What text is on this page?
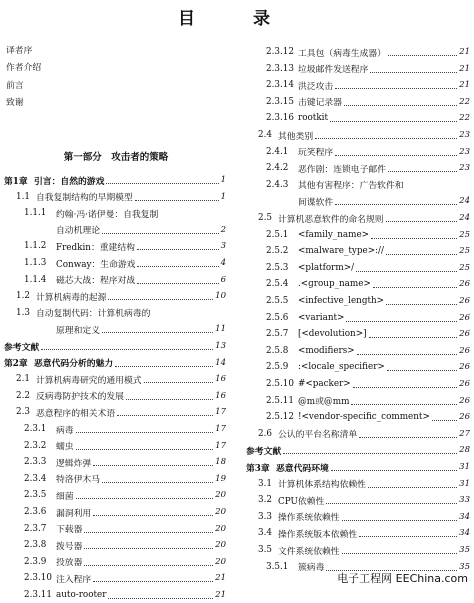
目 录
译者序
作者介绍
前言
致谢
第一部分　攻击者的策略
第1章 引言：自然的游戏	1
1.1 自我复制结构的早期模型	1
1.1.1 约翰·冯·诺伊曼：自我复制
自动机理论	2
1.1.2 Fredkin：重建结构	3
1.1.3 Conway：生命游戏	4
1.1.4 磁芯大战：程序对战	6
1.2 计算机病毒的起源	10
1.3 自动复制代码：计算机病毒的
原理和定义	11
参考文献	13
第2章 恶意代码分析的魅力	14
2.1 计算机病毒研究的通用模式	16
2.2 反病毒防护技术的发展	16
2.3 恶意程序的相关术语	17
2.3.1 病毒	17
2.3.2 蠕虫	17
2.3.3 逻辑炸弹	18
2.3.4 特洛伊木马	19
2.3.5 细菌	20
2.3.6 漏洞利用	20
2.3.7 下载器	20
2.3.8 拨号器	20
2.3.9 投放器	20
2.3.10 注入程序	21
2.3.11 auto-rooter	21
2.3.12 工具包（病毒生成器）	21
2.3.13 垃圾邮件发送程序	21
2.3.14 洪泛攻击	21
2.3.15 击键记录器	22
2.3.16 rootkit	22
2.4 其他类别	23
2.4.1 玩笑程序	23
2.4.2 恶作剧：连锁电子邮件	23
2.4.3 其他有害程序：广告软件和
间谍软件	24
2.5 计算机恶意软件的命名规则	24
2.5.1 <family_name>	25
2.5.2 <malware_type>://	25
2.5.3 <platform>/	25
2.5.4 .<group_name>	26
2.5.5 <infective_length>	26
2.5.6 <variant>	26
2.5.7 [<devolution>]	26
2.5.8 <modifiers>	26
2.5.9 :<locale_specifier>	26
2.5.10 #<packer>	26
2.5.11 @m或@mm	26
2.5.12 !<vendor-specific_comment>	26
2.6 公认的平台名称清单	27
参考文献	28
第3章 恶意代码环境	31
3.1 计算机体系结构依赖性	31
3.2 CPU依赖性	33
3.3 操作系统依赖性	34
3.4 操作系统版本依赖性	34
3.5 文件系统依赖性	35
3.5.1 簇病毒	35
电子工程网 EEChina.com
